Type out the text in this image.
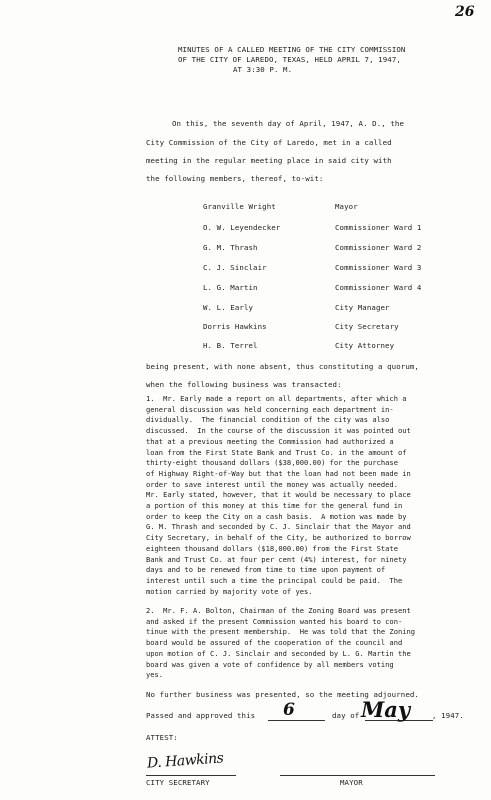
26
MINUTES OF A CALLED MEETING OF THE CITY COMMISSION
OF THE CITY OF LAREDO, TEXAS, HELD APRIL 7, 1947,
AT 3:30 P. M.
On this, the seventh day of April, 1947, A. D., the
City Commission of the City of Laredo, met in a called
meeting in the regular meeting place in said city with
the following members, thereof, to-wit:
Granville Wright	Mayor
O. W. Leyendecker	Commissioner Ward 1
G. M. Thrash	Commissioner Ward 2
C. J. Sinclair	Commissioner Ward 3
L. G. Martin	Commissioner Ward 4
W. L. Early	City Manager
Dorris Hawkins	City Secretary
H. B. Terrel	City Attorney
being present, with none absent, thus constituting a quorum,
when the following business was transacted:
1.  Mr. Early made a report on all departments, after which a
general discussion was held concerning each department in-
dividually.  The financial condition of the city was also
discussed.  In the course of the discussion it was pointed out
that at a previous meeting the Commission had authorized a
loan from the First State Bank and Trust Co. in the amount of
thirty-eight thousand dollars ($38,000.00) for the purchase
of Highway Right-of-Way but that the loan had not been made in
order to save interest until the money was actually needed.
Mr. Early stated, however, that it would be necessary to place
a portion of this money at this time for the general fund in
order to keep the City on a cash basis.  A motion was made by
G. M. Thrash and seconded by C. J. Sinclair that the Mayor and
City Secretary, in behalf of the City, be authorized to borrow
eighteen thousand dollars ($18,000.00) from the First State
Bank and Trust Co. at four per cent (4%) interest, for ninety
days and to be renewed from time to time upon payment of
interest until such a time the principal could be paid.  The
motion carried by majority vote of yes.
2.  Mr. F. A. Bolton, Chairman of the Zoning Board was present
and asked if the present Commission wanted his board to con-
tinue with the present membership.  He was told that the Zoning
board would be assured of the cooperation of the council and
upon motion of C. J. Sinclair and seconded by L. G. Martin the
board was given a vote of confidence by all members voting
yes.
No further business was presented, so the meeting adjourned.
Passed and approved this 6	day of May	, 1947.
ATTEST:
D. Hawkins
CITY SECRETARY	MAYOR
